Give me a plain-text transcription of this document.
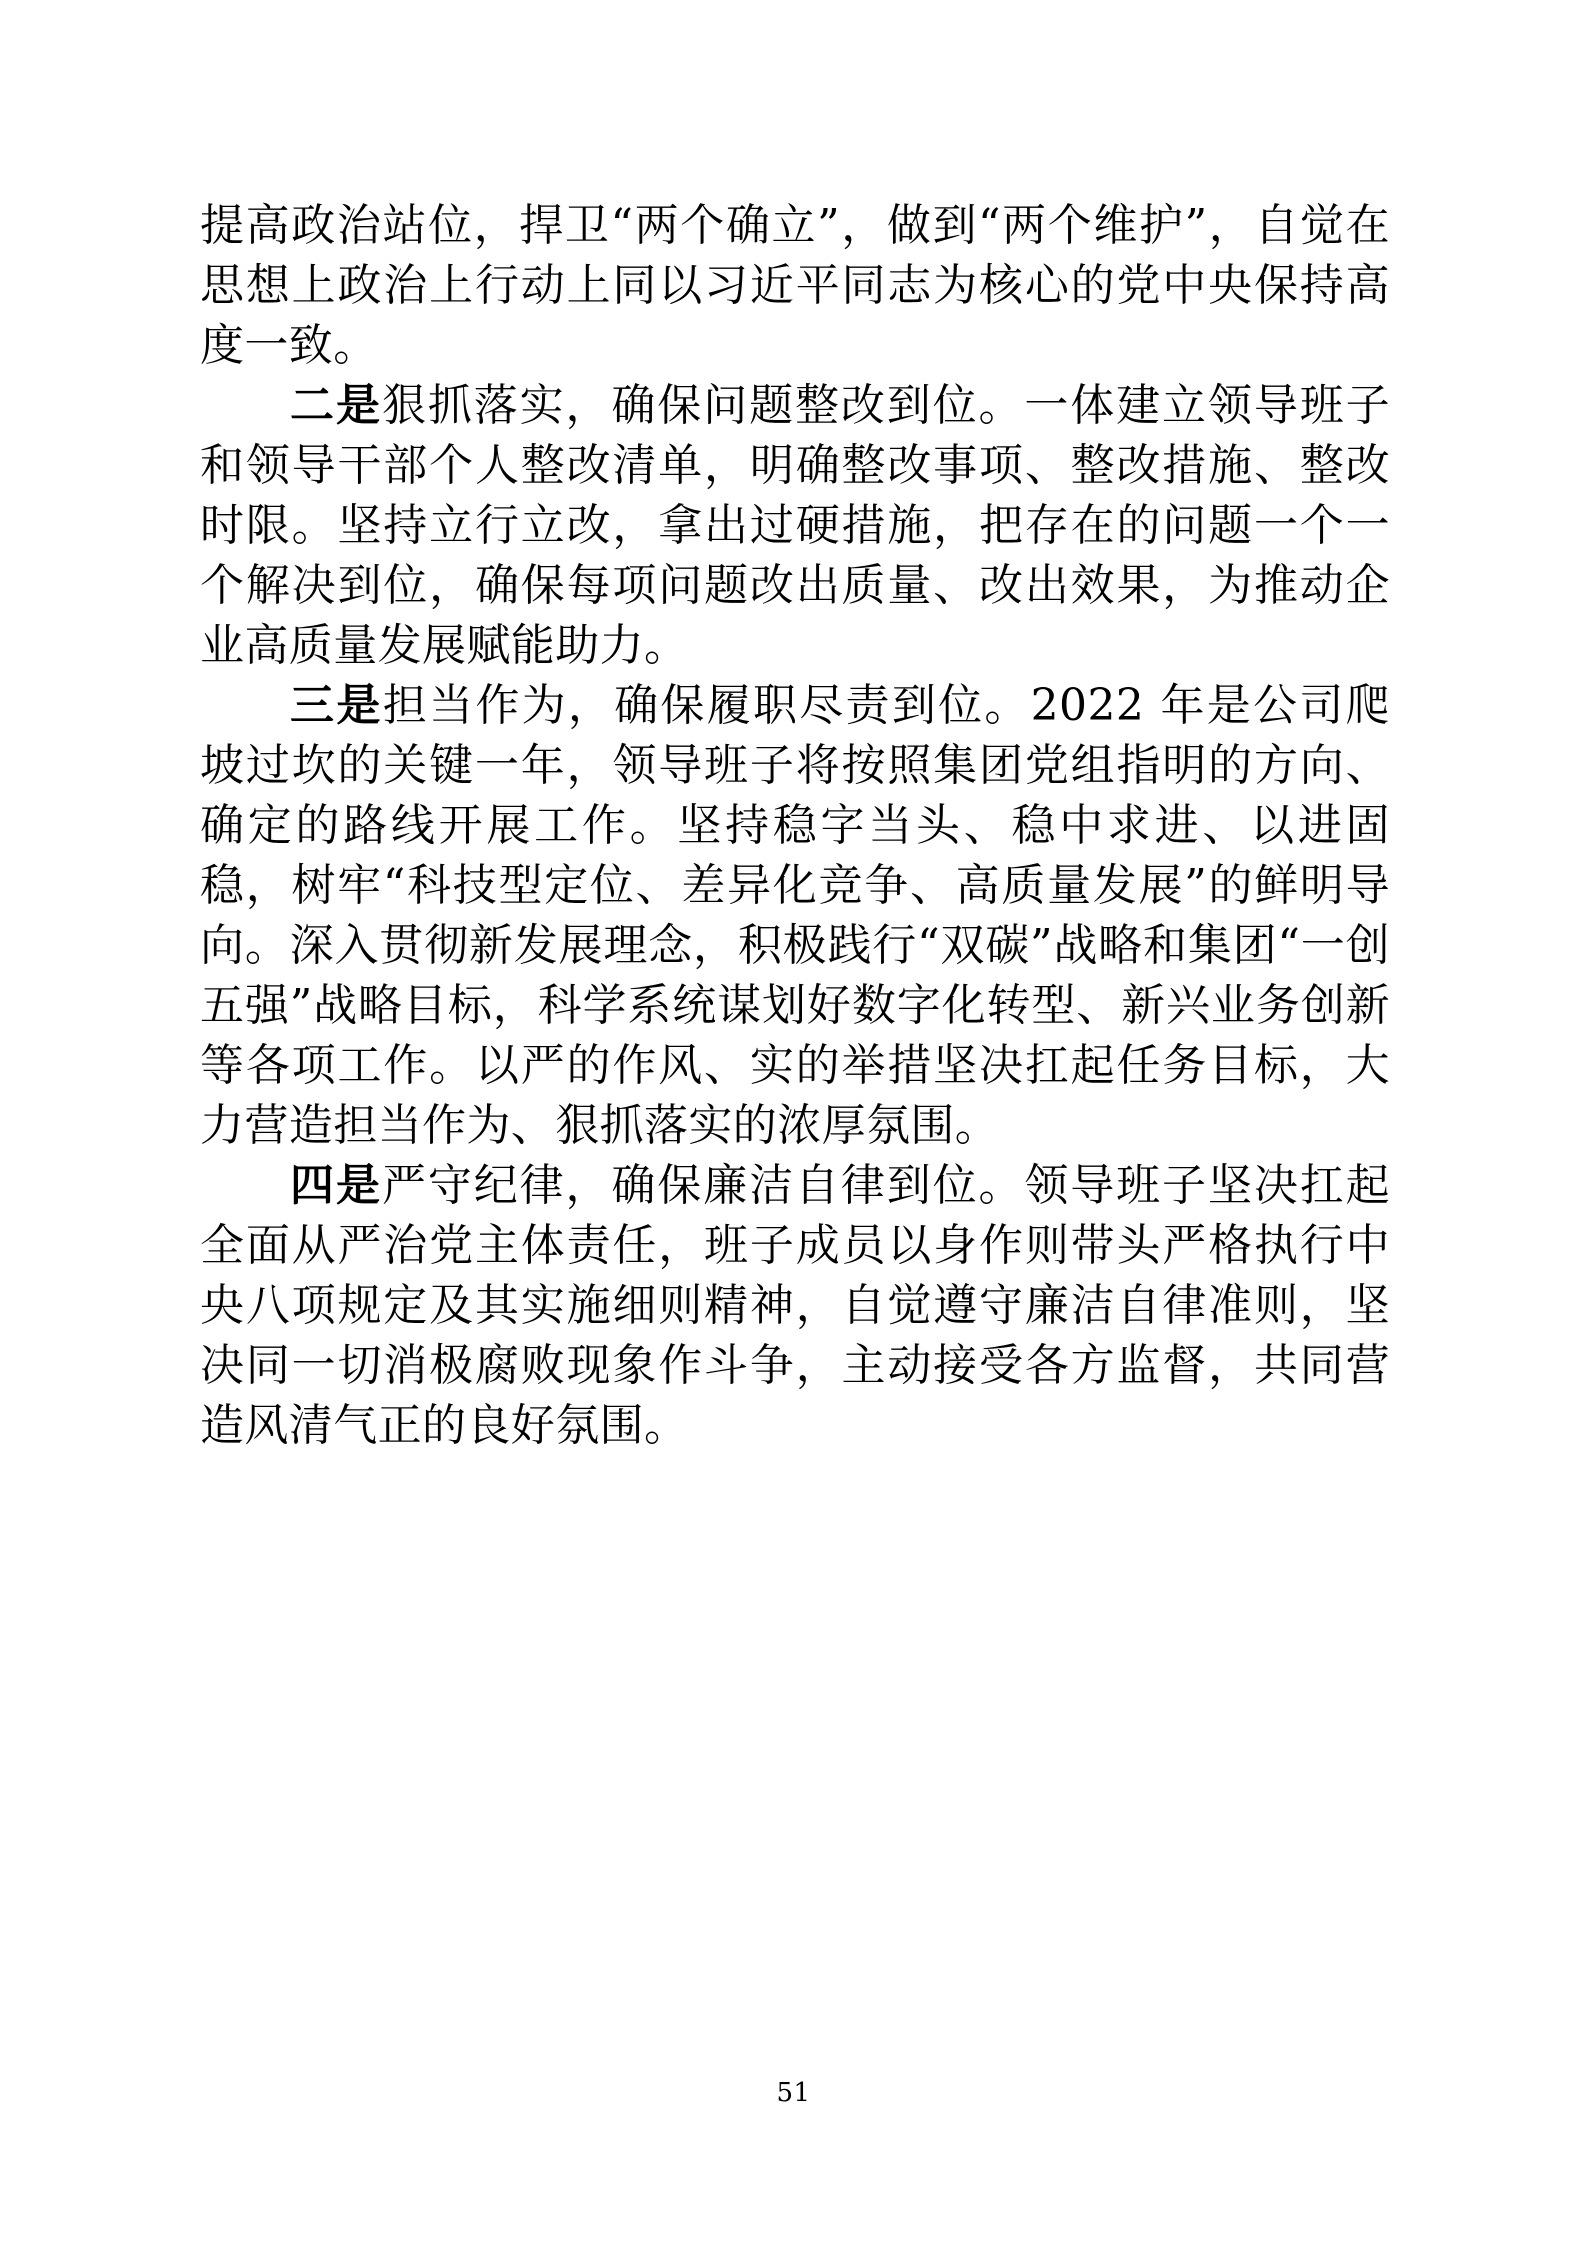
提高政治站位，捍卫“两个确立”，做到“两个维护”，自觉在思想上政治上行动上同以习近平同志为核心的党中央保持高度一致。

二是狠抓落实，确保问题整改到位。一体建立领导班子和领导干部个人整改清单，明确整改事项、整改措施、整改时限。坚持立行立改，拿出过硬措施，把存在的问题一个一个解决到位，确保每项问题改出质量、改出效果，为推动企业高质量发展赋能助力。

三是担当作为，确保履职尽责到位。2022 年是公司爬坡过坎的关键一年，领导班子将按照集团党组指明的方向、确定的路线开展工作。坚持稳字当头、稳中求进、以进固稳，树牢“科技型定位、差异化竞争、高质量发展”的鲜明导向。深入贯彻新发展理念，积极践行“双碳”战略和集团“一创五强”战略目标，科学系统谋划好数字化转型、新兴业务创新等各项工作。以严的作风、实的举措坚决扛起任务目标，大力营造担当作为、狠抓落实的浓厚氛围。

四是严守纪律，确保廉洁自律到位。领导班子坚决扛起全面从严治党主体责任，班子成员以身作则带头严格执行中央八项规定及其实施细则精神，自觉遵守廉洁自律准则，坚决同一切消极腐败现象作斗争，主动接受各方监督，共同营造风清气正的良好氛围。

51
